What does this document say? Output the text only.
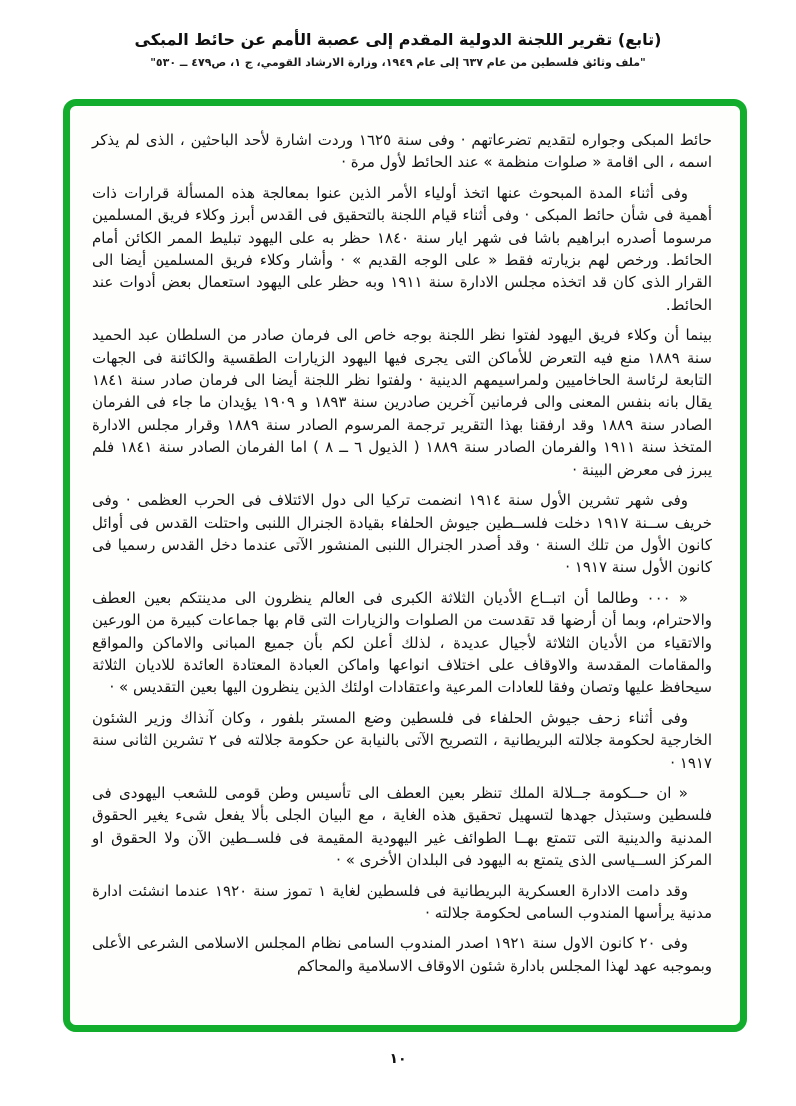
(تابع) تقرير اللجنة الدولية المقدم إلى عصبة الأمم عن حائط المبكى
"ملف وثائق فلسطين من عام ٦٣٧ إلى عام ١٩٤٩، وزارة الارشاد القومي، ج ١، ص٤٧٩ ــ ٥٣٠"

حائط المبكى وجواره لتقديم تضرعاتهم · وفى سنة ١٦٢٥ وردت اشارة لأحد الباحثين ، الذى لم يذكر اسمه ، الى اقامة « صلوات منظمة » عند الحائط لأول مرة ·

وفى أثناء المدة المبحوث عنها اتخذ أولياء الأمر الذين عنوا بمعالجة هذه المسألة قرارات ذات أهمية فى شأن حائط المبكى · وفى أثناء قيام اللجنة بالتحقيق فى القدس أبرز وكلاء فريق المسلمين مرسوما أصدره ابراهيم باشا فى شهر ايار سنة ١٨٤٠ حظر به على اليهود تبليط الممر الكائن أمام الحائط. ورخص لهم بزيارته فقط « على الوجه القديم » · وأشار وكلاء فريق المسلمين أيضا الى القرار الذى كان قد اتخذه مجلس الادارة سنة ١٩١١ وبه حظر على اليهود استعمال بعض أدوات عند الحائط.

بينما أن وكلاء فريق اليهود لفتوا نظر اللجنة بوجه خاص الى فرمان صادر من السلطان عبد الحميد سنة ١٨٨٩ منع فيه التعرض للأماكن التى يجرى فيها اليهود الزيارات الطقسية والكائنة فى الجهات التابعة لرئاسة الحاخاميين ولمراسيمهم الدينية · ولفتوا نظر اللجنة أيضا الى فرمان صادر سنة ١٨٤١ يقال بانه بنفس المعنى والى فرمانين آخرين صادرين سنة ١٨٩٣ و ١٩٠٩ يؤيدان ما جاء فى الفرمان الصادر سنة ١٨٨٩ وقد ارفقنا بهذا التقرير ترجمة المرسوم الصادر سنة ١٨٨٩ وقرار مجلس الادارة المتخذ سنة ١٩١١ والفرمان الصادر سنة ١٨٨٩ ( الذيول ٦ ــ ٨ ) اما الفرمان الصادر سنة ١٨٤١ فلم يبرز فى معرض البينة ·

وفى شهر تشرين الأول سنة ١٩١٤ انضمت تركيا الى دول الائتلاف فى الحرب العظمى · وفى خريف ســنة ١٩١٧ دخلت فلســطين جيوش الحلفاء بقيادة الجنرال اللنبى واحتلت القدس فى أوائل كانون الأول من تلك السنة · وقد أصدر الجنرال اللنبى المنشور الآتى عندما دخل القدس رسميا فى كانون الأول سنة ١٩١٧ ·

« ٠٠٠ وطالما أن اتبــاع الأديان الثلاثة الكبرى فى العالم ينظرون الى مدينتكم بعين العطف والاحترام، وبما أن أرضها قد تقدست من الصلوات والزيارات التى قام بها جماعات كبيرة من الورعين والاتقياء من الأديان الثلاثة لأجيال عديدة ، لذلك أعلن لكم بأن جميع المبانى والاماكن والمواقع والمقامات المقدسة والاوقاف على اختلاف انواعها واماكن العبادة المعتادة العائدة للاديان الثلاثة سيحافظ عليها وتصان وفقا للعادات المرعية واعتقادات اولئك الذين ينظرون اليها بعين التقديس » ·

وفى أثناء زحف جيوش الحلفاء فى فلسطين وضع المستر بلفور ، وكان آنذاك وزير الشئون الخارجية لحكومة جلالته البريطانية ، التصريح الآتى بالنيابة عن حكومة جلالته فى ٢ تشرين الثانى سنة ١٩١٧ ·

« ان حــكومة جــلالة الملك تنظر بعين العطف الى تأسيس وطن قومى للشعب اليهودى فى فلسطين وستبذل جهدها لتسهيل تحقيق هذه الغاية ، مع البيان الجلى بألا يفعل شىء يغير الحقوق المدنية والدينية التى تتمتع بهــا الطوائف غير اليهودية المقيمة فى فلســطين الآن ولا الحقوق او المركز الســياسى الذى يتمتع به اليهود فى البلدان الأخرى » ·

وقد دامت الادارة العسكرية البريطانية فى فلسطين لغاية ١ تموز سنة ١٩٢٠ عندما انشئت ادارة مدنية يرأسها المندوب السامى لحكومة جلالته ·

وفى ٢٠ كانون الاول سنة ١٩٢١ اصدر المندوب السامى نظام المجلس الاسلامى الشرعى الأعلى وبموجبه عهد لهذا المجلس بادارة شئون الاوقاف الاسلامية والمحاكم

١٠
